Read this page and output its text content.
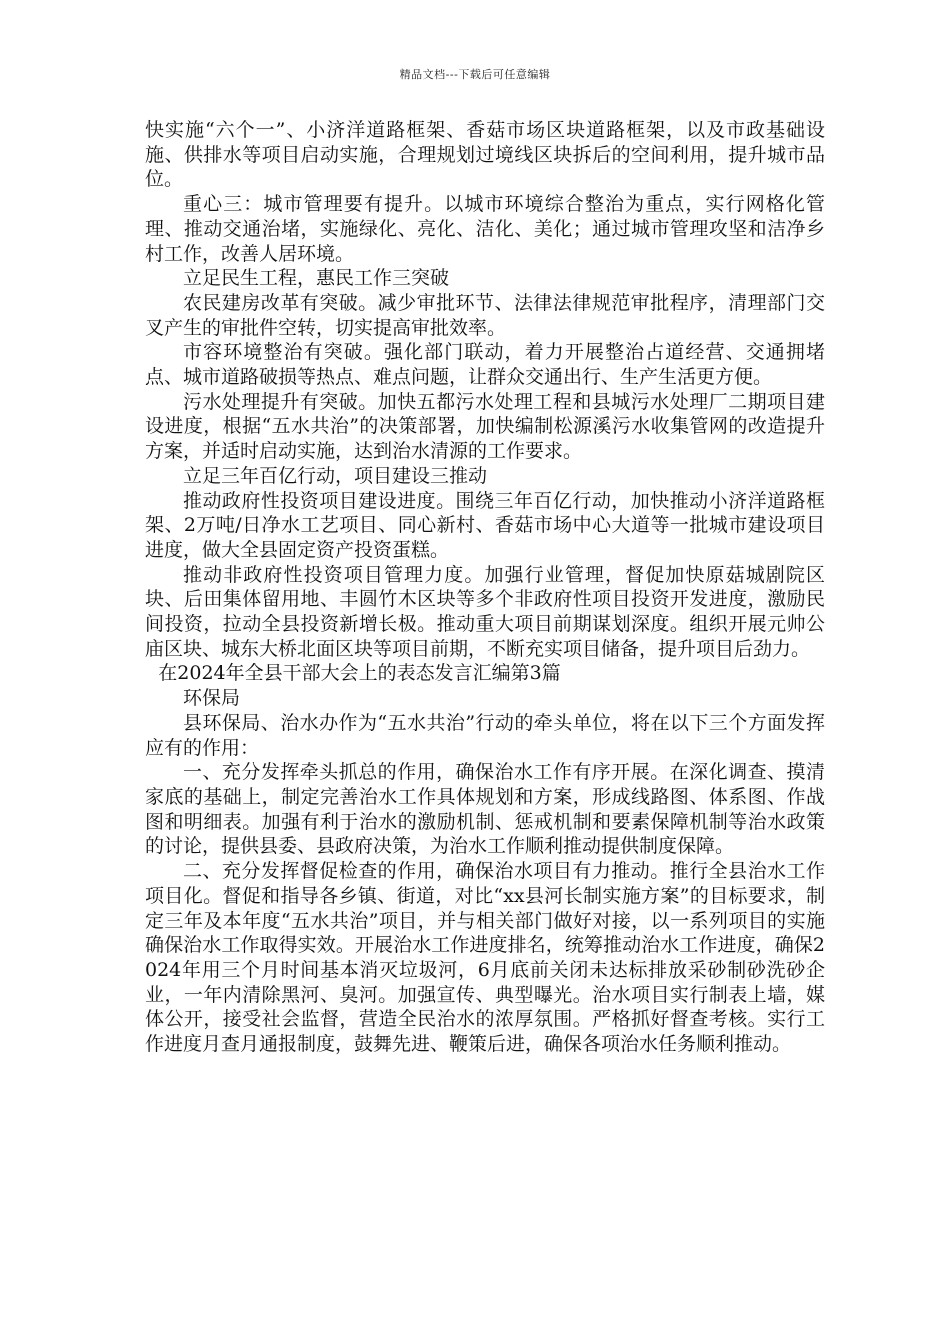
精品文档---下载后可任意编辑

快实施“六个一”、小济洋道路框架、香菇市场区块道路框架，以及市政基础设施、供排水等项目启动实施，合理规划过境线区块拆后的空间利用，提升城市品位。

重心三：城市管理要有提升。以城市环境综合整治为重点，实行网格化管理、推动交通治堵，实施绿化、亮化、洁化、美化；通过城市管理攻坚和洁净乡村工作，改善人居环境。

立足民生工程，惠民工作三突破

农民建房改革有突破。减少审批环节、法律法律规范审批程序，清理部门交叉产生的审批件空转，切实提高审批效率。

市容环境整治有突破。强化部门联动，着力开展整治占道经营、交通拥堵点、城市道路破损等热点、难点问题，让群众交通出行、生产生活更方便。

污水处理提升有突破。加快五都污水处理工程和县城污水处理厂二期项目建设进度，根据“五水共治”的决策部署，加快编制松源溪污水收集管网的改造提升方案，并适时启动实施，达到治水清源的工作要求。

立足三年百亿行动，项目建设三推动

推动政府性投资项目建设进度。围绕三年百亿行动，加快推动小济洋道路框架、2万吨/日净水工艺项目、同心新村、香菇市场中心大道等一批城市建设项目进度，做大全县固定资产投资蛋糕。

推动非政府性投资项目管理力度。加强行业管理，督促加快原菇城剧院区块、后田集体留用地、丰圆竹木区块等多个非政府性项目投资开发进度，激励民间投资，拉动全县投资新增长极。推动重大项目前期谋划深度。组织开展元帅公庙区块、城东大桥北面区块等项目前期，不断充实项目储备，提升项目后劲力。

在2024年全县干部大会上的表态发言汇编第3篇

环保局

县环保局、治水办作为“五水共治”行动的牵头单位，将在以下三个方面发挥应有的作用：

一、充分发挥牵头抓总的作用，确保治水工作有序开展。在深化调查、摸清家底的基础上，制定完善治水工作具体规划和方案，形成线路图、体系图、作战图和明细表。加强有利于治水的激励机制、惩戒机制和要素保障机制等治水政策的讨论，提供县委、县政府决策，为治水工作顺利推动提供制度保障。

二、充分发挥督促检查的作用，确保治水项目有力推动。推行全县治水工作项目化。督促和指导各乡镇、街道，对比“xx县河长制实施方案”的目标要求，制定三年及本年度“五水共治”项目，并与相关部门做好对接，以一系列项目的实施确保治水工作取得实效。开展治水工作进度排名，统筹推动治水工作进度，确保2024年用三个月时间基本消灭垃圾河，6月底前关闭未达标排放采砂制砂洗砂企业，一年内清除黑河、臭河。加强宣传、典型曝光。治水项目实行制表上墙，媒体公开，接受社会监督，营造全民治水的浓厚氛围。严格抓好督查考核。实行工作进度月查月通报制度，鼓舞先进、鞭策后进，确保各项治水任务顺利推动。
